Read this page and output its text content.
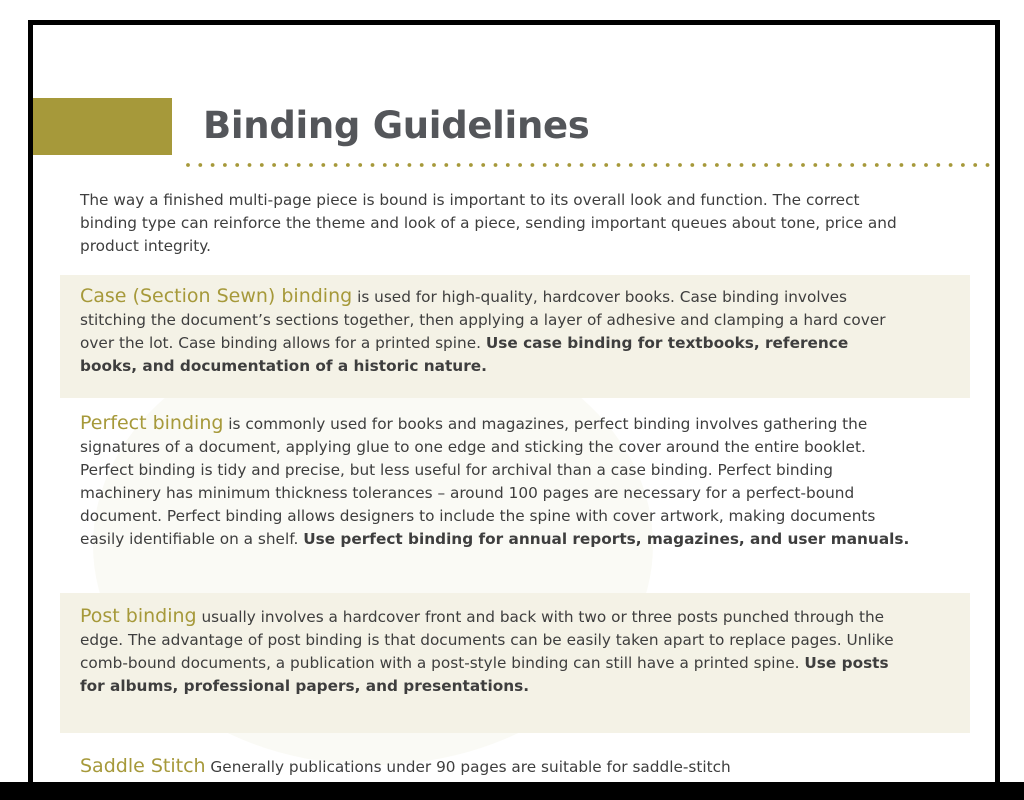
Binding Guidelines

The way a finished multi-page piece is bound is important to its overall look and function. The correct binding type can reinforce the theme and look of a piece, sending important queues about tone, price and product integrity.

Case (Section Sewn) binding is used for high-quality, hardcover books. Case binding involves stitching the document’s sections together, then applying a layer of adhesive and clamping a hard cover over the lot. Case binding allows for a printed spine. Use case binding for textbooks, reference books, and documentation of a historic nature.

Perfect binding is commonly used for books and magazines, perfect binding involves gathering the signatures of a document, applying glue to one edge and sticking the cover around the entire booklet. Perfect binding is tidy and precise, but less useful for archival than a case binding. Perfect binding machinery has minimum thickness tolerances – around 100 pages are necessary for a perfect-bound document. Perfect binding allows designers to include the spine with cover artwork, making documents easily identifiable on a shelf. Use perfect binding for annual reports, magazines, and user manuals.

Post binding usually involves a hardcover front and back with two or three posts punched through the edge. The advantage of post binding is that documents can be easily taken apart to replace pages. Unlike comb-bound documents, a publication with a post-style binding can still have a printed spine. Use posts for albums, professional papers, and presentations.

Saddle Stitch Generally publications under 90 pages are suitable for saddle-stitch
